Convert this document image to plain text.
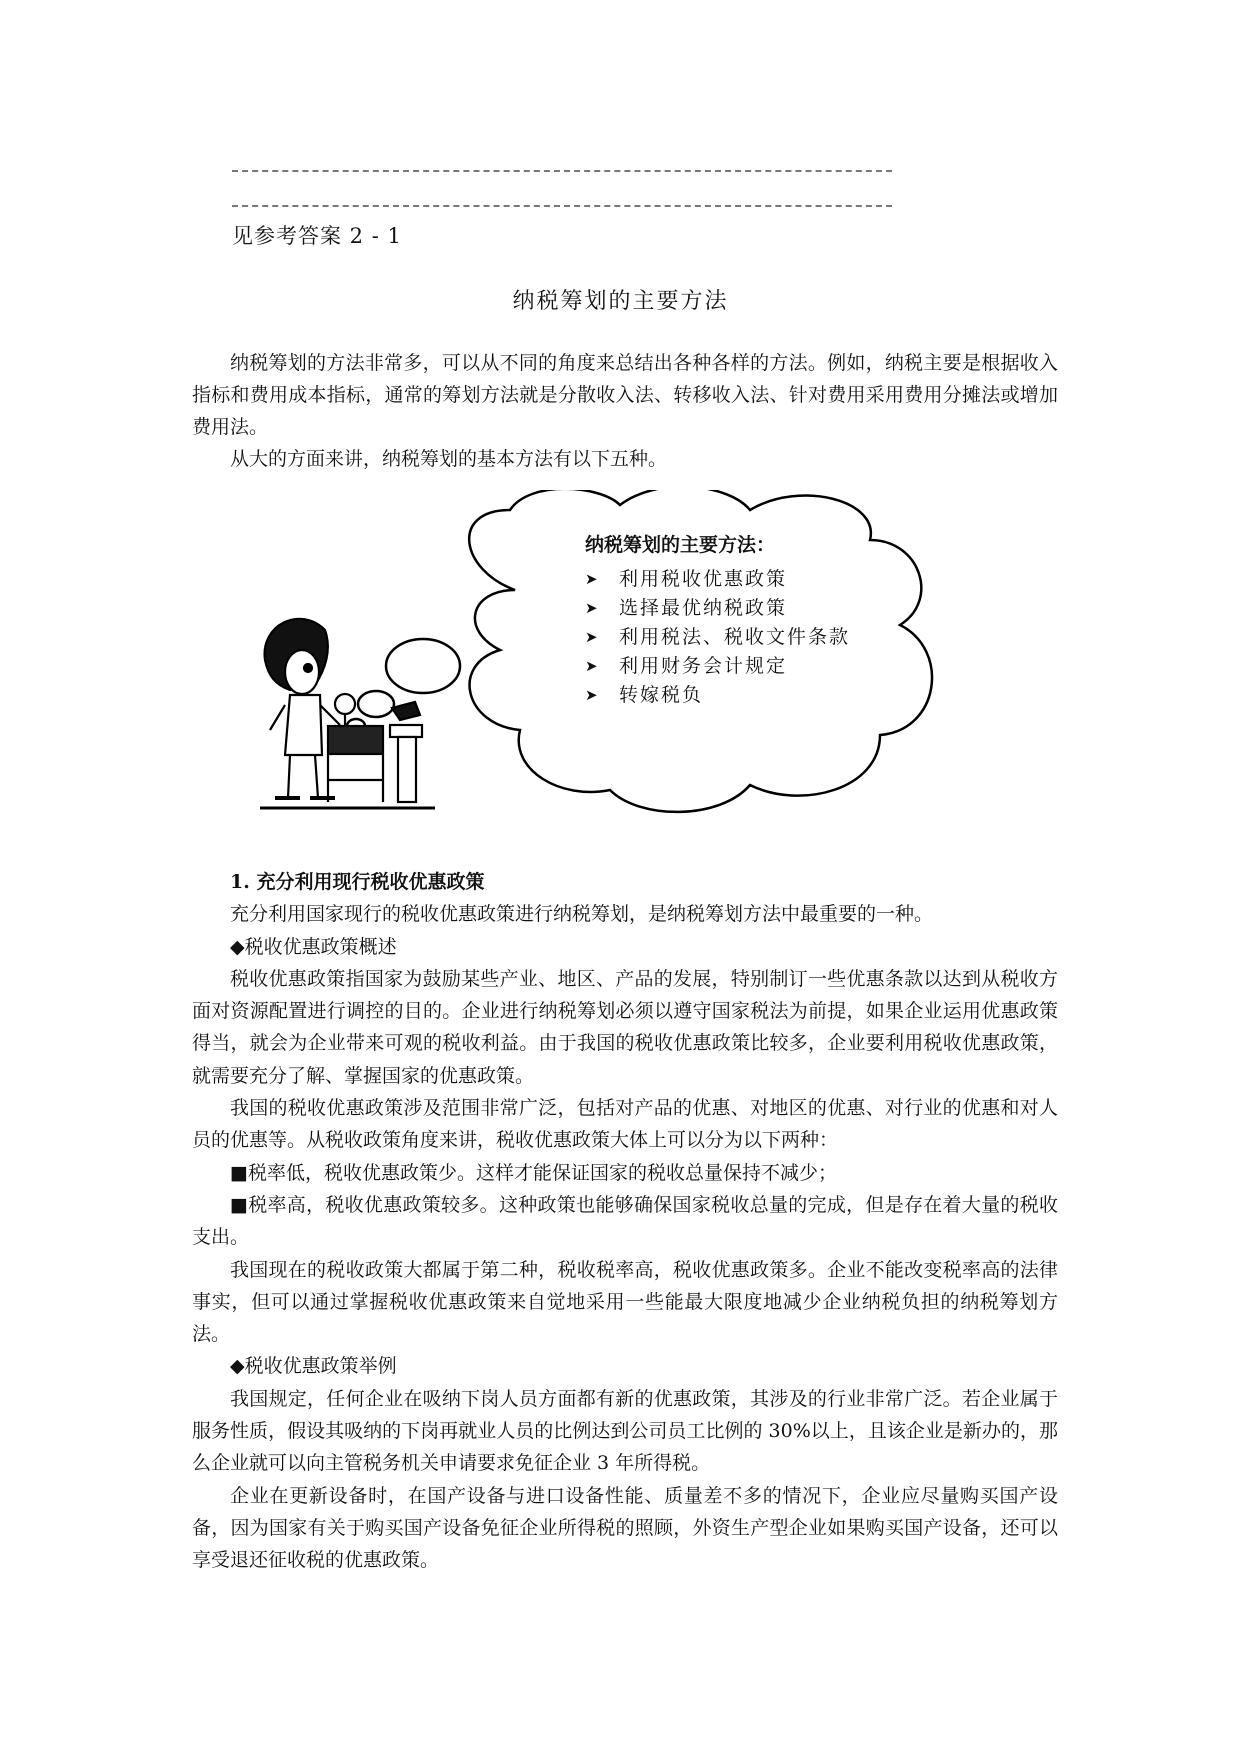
见参考答案 2 - 1
纳税筹划的主要方法

纳税筹划的方法非常多，可以从不同的角度来总结出各种各样的方法。例如，纳税主要是根据收入指标和费用成本指标，通常的筹划方法就是分散收入法、转移收入法、针对费用采用费用分摊法或增加费用法。

从大的方面来讲，纳税筹划的基本方法有以下五种。

纳税筹划的主要方法：

➤	利用税收优惠政策
➤	选择最优纳税政策
➤	利用税法、税收文件条款
➤	利用财务会计规定
➤	转嫁税负

1. 充分利用现行税收优惠政策

充分利用国家现行的税收优惠政策进行纳税筹划，是纳税筹划方法中最重要的一种。

◆税收优惠政策概述

税收优惠政策指国家为鼓励某些产业、地区、产品的发展，特别制订一些优惠条款以达到从税收方面对资源配置进行调控的目的。企业进行纳税筹划必须以遵守国家税法为前提，如果企业运用优惠政策得当，就会为企业带来可观的税收利益。由于我国的税收优惠政策比较多，企业要利用税收优惠政策，就需要充分了解、掌握国家的优惠政策。

我国的税收优惠政策涉及范围非常广泛，包括对产品的优惠、对地区的优惠、对行业的优惠和对人员的优惠等。从税收政策角度来讲，税收优惠政策大体上可以分为以下两种：

■税率低，税收优惠政策少。这样才能保证国家的税收总量保持不减少；

■税率高，税收优惠政策较多。这种政策也能够确保国家税收总量的完成，但是存在着大量的税收支出。

我国现在的税收政策大都属于第二种，税收税率高，税收优惠政策多。企业不能改变税率高的法律事实，但可以通过掌握税收优惠政策来自觉地采用一些能最大限度地减少企业纳税负担的纳税筹划方法。

◆税收优惠政策举例

我国规定，任何企业在吸纳下岗人员方面都有新的优惠政策，其涉及的行业非常广泛。若企业属于服务性质，假设其吸纳的下岗再就业人员的比例达到公司员工比例的 30%以上，且该企业是新办的，那么企业就可以向主管税务机关申请要求免征企业 3 年所得税。

企业在更新设备时，在国产设备与进口设备性能、质量差不多的情况下，企业应尽量购买国产设备，因为国家有关于购买国产设备免征企业所得税的照顾，外资生产型企业如果购买国产设备，还可以享受退还征收税的优惠政策。
